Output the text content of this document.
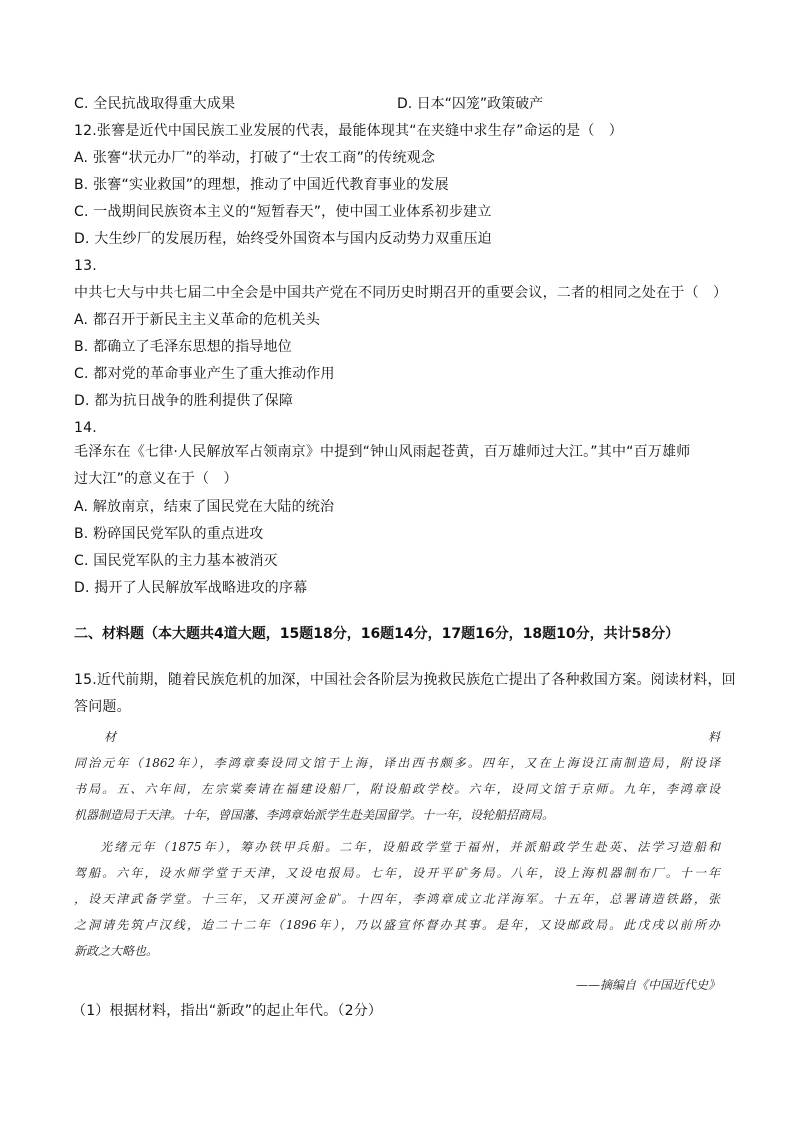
C. 全民抗战取得重大成果	D. 日本“囚笼”政策破产
12.张謇是近代中国民族工业发展的代表，最能体现其“在夹缝中求生存”命运的是（　）
A. 张謇“状元办厂”的举动，打破了“士农工商”的传统观念
B. 张謇“实业救国”的理想，推动了中国近代教育事业的发展
C. 一战期间民族资本主义的“短暂春天”，使中国工业体系初步建立
D. 大生纱厂的发展历程，始终受外国资本与国内反动势力双重压迫
13.
中共七大与中共七届二中全会是中国共产党在不同历史时期召开的重要会议，二者的相同之处在于（　）
A. 都召开于新民主主义革命的危机关头
B. 都确立了毛泽东思想的指导地位
C. 都对党的革命事业产生了重大推动作用
D. 都为抗日战争的胜利提供了保障
14.
毛泽东在《七律·人民解放军占领南京》中提到“钟山风雨起苍黄，百万雄师过大江。”其中“百万雄师
过大江”的意义在于（　）
A. 解放南京，结束了国民党在大陆的统治
B. 粉碎国民党军队的重点进攻
C. 国民党军队的主力基本被消灭
D. 揭开了人民解放军战略进攻的序幕
二、材料题（本大题共4道大题，15题18分，16题14分，17题16分，18题10分，共计58分）
15.近代前期，随着民族危机的加深，中国社会各阶层为挽救民族危亡提出了各种救国方案。阅读材料，回
答问题。
材	料
同治元年（1862年），李鸿章奏设同文馆于上海，译出西书颇多。四年，又在上海设江南制造局，附设译
书局。五、六年间，左宗棠奏请在福建设船厂，附设船政学校。六年，设同文馆于京师。九年，李鸿章设
机器制造局于天津。十年，曾国藩、李鸿章始派学生赴美国留学。十一年，设轮船招商局。
光绪元年（1875年），筹办铁甲兵船。二年，设船政学堂于福州，并派船政学生赴英、法学习造船和
驾船。六年，设水师学堂于天津，又设电报局。七年，设开平矿务局。八年，设上海机器制布厂。十一年
，设天津武备学堂。十三年，又开漠河金矿。十四年，李鸿章成立北洋海军。十五年，总署请造铁路，张
之洞请先筑卢汉线，迨二十二年（1896年），乃以盛宣怀督办其事。是年，又设邮政局。此戊戌以前所办
新政之大略也。
——摘编自《中国近代史》
（1）根据材料，指出“新政”的起止年代。（2分）
